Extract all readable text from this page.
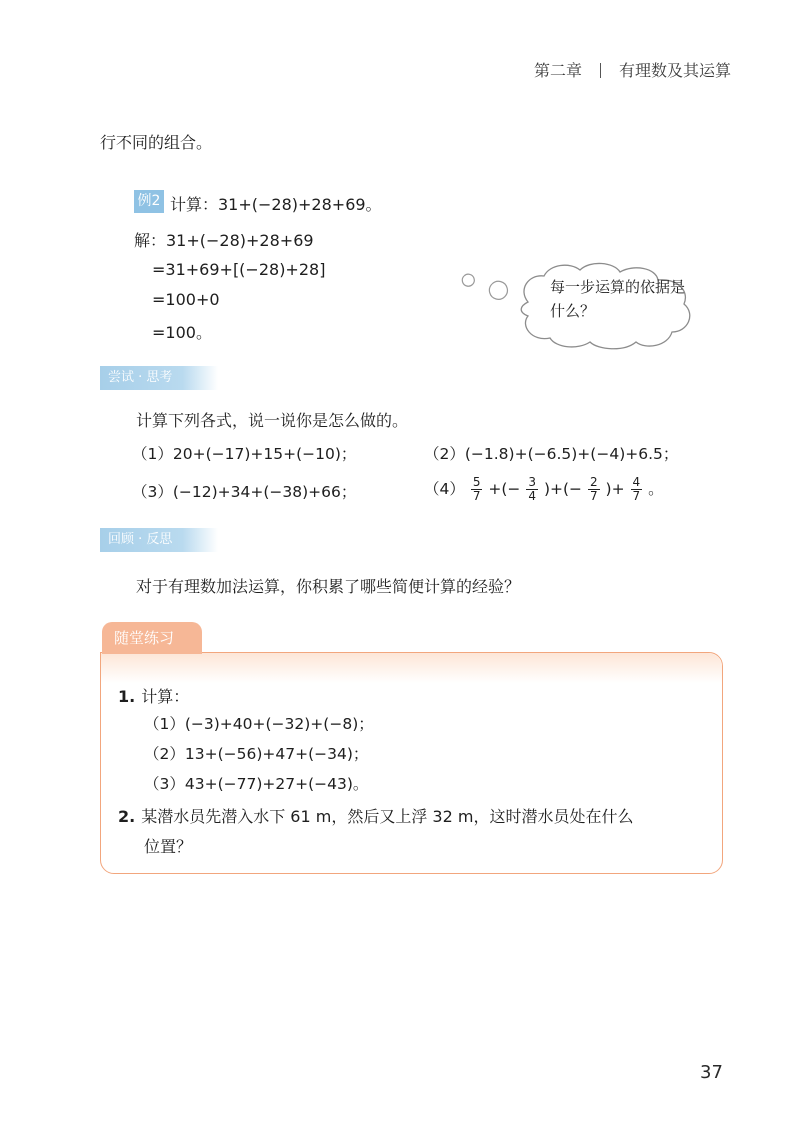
第二章 有理数及其运算
行不同的组合。
例2 计算：31+(−28)+28+69。
解：31+(−28)+28+69
=31+69+[(−28)+28]
=100+0
=100。
每一步运算的依据是什么？
尝试 · 思考
计算下列各式，说一说你是怎么做的。
（1）20+(−17)+15+(−10)；	（2）(−1.8)+(−6.5)+(−4)+6.5；
（3）(−12)+34+(−38)+66；	$(4) \frac{5}{7}$ +(− $\frac{3}{4}$ )+(− $\frac{2}{7}$ )+ $\frac{4}{7}$ 。
回顾 · 反思
对于有理数加法运算，你积累了哪些简便计算的经验？
随堂练习
1. 计算：
（1）(−3)+40+(−32)+(−8)；
（2）13+(−56)+47+(−34)；
（3）43+(−77)+27+(−43)。
2. 某潜水员先潜入水下 61 m，然后又上浮 32 m，这时潜水员处在什么
位置？
37
